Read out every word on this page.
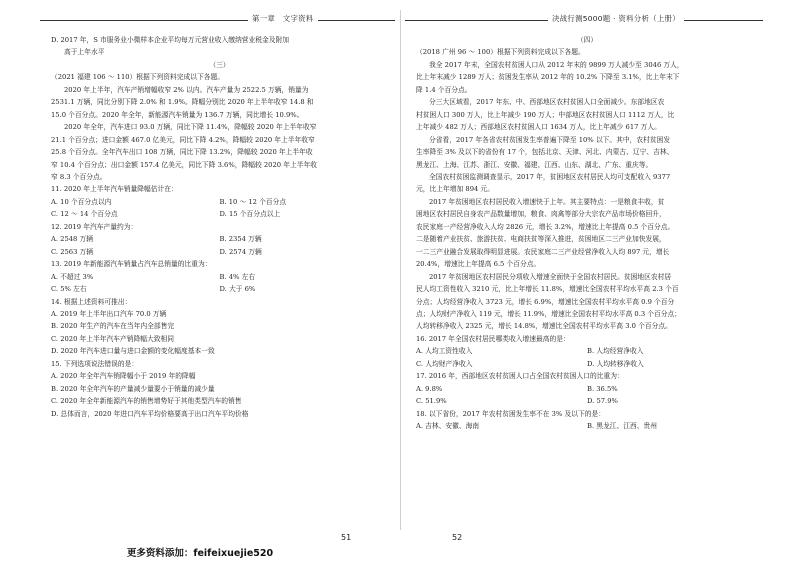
第一章　文字资料	决战行测5000题 · 资料分析（上册）

D. 2017 年，S 市服务业小微样本企业平均每万元营业收入缴纳营业税金及附加

高于上年水平

（三）

（2021 福建 106 ～ 110）根据下列资料完成以下各题。

2020 年上半年，汽车产销增幅收窄 2% 以内。汽车产量为 2522.5 万辆，销量为

2531.1 万辆，同比分别下降 2.0% 和 1.9%。降幅分别比 2020 年上半年收窄 14.8 和

15.0 个百分点。2020 年全年，新能源汽车销量为 136.7 万辆，同比增长 10.9%。

2020 年全年，汽车进口 93.0 万辆，同比下降 11.4%，降幅较 2020 年上半年收窄

21.1 个百分点；进口金额 467.0 亿美元，同比下降 4.2%，降幅较 2020 年上半年收窄

25.8 个百分点。全年汽车出口 108 万辆，同比下降 13.2%，降幅较 2020 年上半年收

窄 10.4 个百分点；出口金额 157.4 亿美元，同比下降 3.6%，降幅较 2020 年上半年收

窄 8.3 个百分点。

11. 2020 年上半年汽车销量降幅估计在：

A. 10 个百分点以内	B. 10 ～ 12 个百分点
C. 12 ～ 14 个百分点	D. 15 个百分点以上

12. 2019 年汽车产量约为：

A. 2548 万辆	B. 2354 万辆
C. 2563 万辆	D. 2574 万辆

13. 2019 年新能源汽车销量占汽车总销量的比重为：

A. 不超过 3%	B. 4% 左右
C. 5% 左右	D. 大于 6%

14. 根据上述资料可推出：

A. 2019 年上半年出口汽车 70.0 万辆

B. 2020 年生产的汽车在当年内全部售完

C. 2020 年上半年汽车产销降幅大致相同

D. 2020 年汽车进口量与进口金额的变化幅度基本一致

15. 下列选项说法错误的是：

A. 2020 年全年汽车销降幅小于 2019 年的降幅

B. 2020 年全年汽车的产量减少量要小于销量的减少量

C. 2020 年全年新能源汽车的销售增势好于其他类型汽车的销售

D. 总体而言，2020 年进口汽车平均价格要高于出口汽车平均价格

51

（四）

（2018 广州 96 ～ 100）根据下列资料完成以下各题。

我全 2017 年末，全国农村贫困人口从 2012 年末的 9899 万人减少至 3046 万人，

比上年末减少 1289 万人；贫困发生率从 2012 年的 10.2% 下降至 3.1%，比上年末下

降 1.4 个百分点。

分三大区域看，2017 年东、中、西部地区农村贫困人口全面减少。东部地区农

村贫困人口 300 万人，比上年减少 190 万人；中部地区农村贫困人口 1112 万人，比

上年减少 482 万人；西部地区农村贫困人口 1634 万人，比上年减少 617 万人。

分省看，2017 年各省农村贫困发生率普遍下降至 10% 以下。其中，农村贫困发

生率降至 3% 及以下的省份有 17 个，包括北京、天津、河北、内蒙古、辽宁、吉林、

黑龙江、上海、江苏、浙江、安徽、福建、江西、山东、湖北、广东、重庆等。

全国农村贫困监测调查显示，2017 年，贫困地区农村居民人均可支配收入 9377

元，比上年增加 894 元。

2017 年贫困地区农村居民收入增速快于上年。其主要特点：一是粮食丰收，贫

困地区农村居民自身农产品数量增加，粮食、肉禽等部分大宗农产品市场价格回升，

农民家庭一产经营净收入人均 2826 元，增长 3.2%，增速比上年提高 0.5 个百分点。

二是随着产业扶贫、旅游扶贫、电商扶贫等深入推进，贫困地区二三产业加快发展，

一二三产业融合发展取得明显进展。农民家庭二三产业经营净收入人均 897 元，增长

20.4%，增速比上年提高 6.5 个百分点。

2017 年贫困地区农村居民分项收入增速全面快于全国农村居民。贫困地区农村居

民人均工资性收入 3210 元，比上年增长 11.8%，增速比全国农村平均水平高 2.3 个百

分点；人均经营净收入 3723 元，增长 6.9%，增速比全国农村平均水平高 0.9 个百分

点；人均财产净收入 119 元，增长 11.9%，增速比全国农村平均水平高 0.3 个百分点；

人均转移净收入 2325 元，增长 14.8%，增速比全国农村平均水平高 3.0 个百分点。

16. 2017 年全国农村居民哪类收入增速最高的是：

A. 人均工资性收入	B. 人均经营净收入
C. 人均财产净收入	D. 人均转移净收入

17. 2016 年，西部地区农村贫困人口占全国农村贫困人口的比重为：

A. 9.8%	B. 36.5%
C. 51.9%	D. 57.9%

18. 以下省份，2017 年农村贫困发生率不在 3% 及以下的是：

A. 吉林、安徽、海南	B. 黑龙江、江西、贵州
52
更多资料添加：feifeixuejie520
